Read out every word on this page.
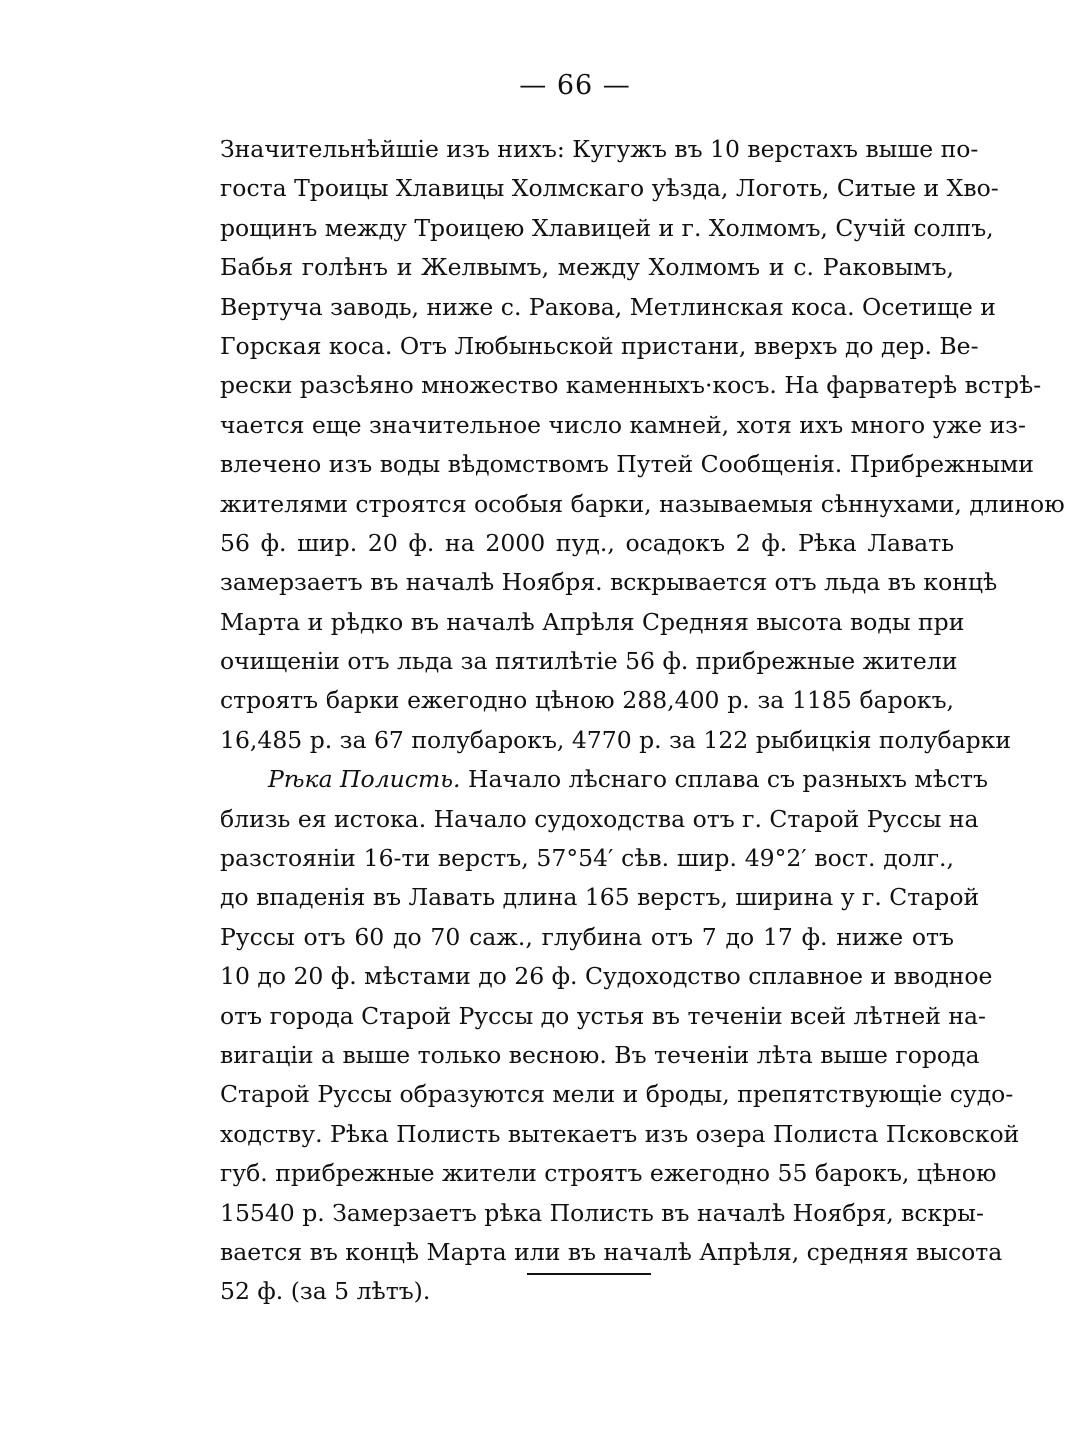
— 66 —
Значительнѣйшіе изъ нихъ: Кугужъ въ 10 верстахъ выше по-
госта Троицы Хлавицы Холмскаго уѣзда, Логоть, Ситые и Хво-
рощинъ между Троицею Хлавицей и г. Холмомъ, Сучій солпъ,
Бабья голѣнъ и Желвымъ, между Холмомъ и с. Раковымъ,
Вертуча заводь, ниже с. Ракова, Метлинская коса. Осетище и
Горская коса. Отъ Любыньской пристани, вверхъ до дер. Ве-
рески разсѣяно множество каменныхъ·косъ. На фарватерѣ встрѣ-
чается еще значительное число камней, хотя ихъ много уже из-
влечено изъ воды вѣдомствомъ Путей Сообщенія. Прибрежными
жителями строятся особыя барки, называемыя сѣннухами, длиною
56 ф. шир. 20 ф. на 2000 пуд., осадокъ 2 ф. Рѣка Лавать
замерзаетъ въ началѣ Ноября. вскрывается отъ льда въ концѣ
Марта и рѣдко въ началѣ Апрѣля Средняя высота воды при
очищеніи отъ льда за пятилѣтіе 56 ф. прибрежные жители
строятъ барки ежегодно цѣною 288,400 р. за 1185 барокъ,
16,485 р. за 67 полубарокъ, 4770 р. за 122 рыбицкія полубарки
Рѣка Полисть. Начало лѣснаго сплава съ разныхъ мѣстъ
близь ея истока. Начало судоходства отъ г. Старой Руссы на
разстояніи 16-ти верстъ, 57°54′ сѣв. шир. 49°2′ вост. долг.,
до впаденія въ Лавать длина 165 верстъ, ширина у г. Старой
Руссы отъ 60 до 70 саж., глубина отъ 7 до 17 ф. ниже отъ
10 до 20 ф. мѣстами до 26 ф. Судоходство сплавное и вводное
отъ города Старой Руссы до устья въ теченіи всей лѣтней на-
вигаціи а выше только весною. Въ теченіи лѣта выше города
Старой Руссы образуются мели и броды, препятствующіе судо-
ходству. Рѣка Полисть вытекаетъ изъ озера Полиста Псковской
губ. прибрежные жители строятъ ежегодно 55 барокъ, цѣною
15540 р. Замерзаетъ рѣка Полисть въ началѣ Ноября, вскры-
вается въ концѣ Марта или въ началѣ Апрѣля, средняя высота
52 ф. (за 5 лѣтъ).
